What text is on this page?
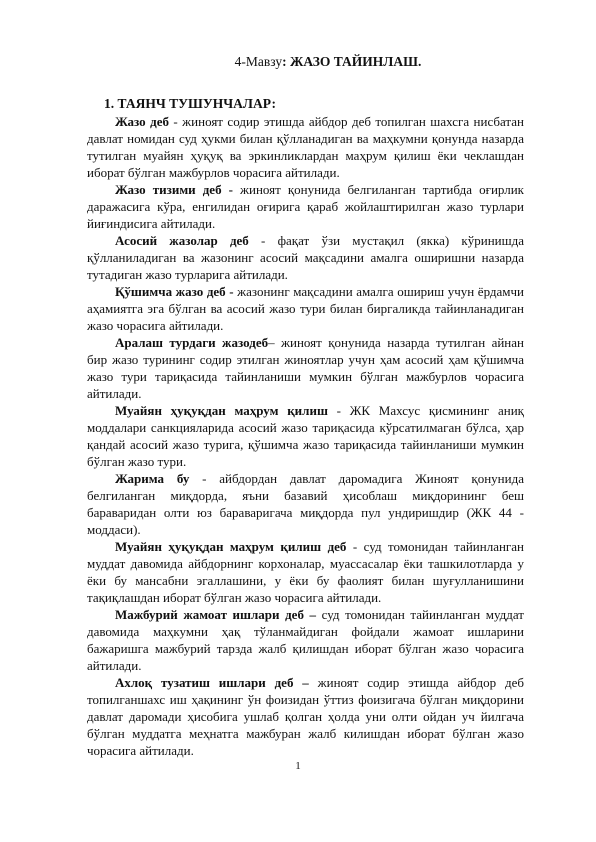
4-Мавзу: ЖАЗО ТАЙИНЛАШ.
1. ТАЯНЧ ТУШУНЧАЛАР:

Жазо деб - жиноят содир этишда айбдор деб топилган шахсга нисбатан давлат номидан суд ҳукми билан қўлланадиган ва маҳкумни қонунда назарда тутилган муайян ҳуқуқ ва эркинликлардан маҳрум қилиш ёки чеклашдан иборат бўлган мажбурлов чорасига айтилади.

Жазо тизими деб - жиноят қонунида белгиланган тартибда оғирлик даражасига кўра, енгилидан оғирига қараб жойлаштирилган жазо турлари йиғиндисига айтилади.

Асосий жазолар деб - фақат ўзи мустақил (якка) кўринишда қўлланиладиган ва жазонинг асосий мақсадини амалга оширишни назарда тутадиган жазо турларига айтилади.

Қўшимча жазо деб - жазонинг мақсадини амалга ошириш учун ёрдамчи аҳамиятга эга бўлган ва асосий жазо тури билан биргаликда тайинланадиган жазо чорасига айтилади.

Аралаш турдаги жазодеб– жиноят қонунида назарда тутилган айнан бир жазо турининг содир этилган жиноятлар учун ҳам асосий ҳам қўшимча жазо тури тариқасида тайинланиши мумкин бўлган мажбурлов чорасига айтилади.

Муайян ҳуқуқдан маҳрум қилиш - ЖК Махсус қисмининг аниқ моддалари санкцияларида асосий жазо тариқасида кўрсатилмаган бўлса, ҳар қандай асосий жазо турига, қўшимча жазо тариқасида тайинланиши мумкин бўлган жазо тури.

Жарима бу - айбдордан давлат даромадига Жиноят қонунида белгиланган миқдорда, яъни базавий ҳисоблаш миқдорининг беш бараваридан олти юз бараваригача миқдорда пул ундиришдир (ЖК 44 - моддаси).

Муайян ҳуқуқдан маҳрум қилиш деб - суд томонидан тайинланган муддат давомида айбдорнинг корхоналар, муассасалар ёки ташкилотларда у ёки бу мансабни эгаллашини, у ёки бу фаолият билан шуғулланишини тақиқлашдан иборат бўлган жазо чорасига айтилади.

Мажбурий жамоат ишлари деб – суд томонидан тайинланган муддат давомида маҳкумни ҳақ тўланмайдиган фойдали жамоат ишларини бажаришга мажбурий тарзда жалб қилишдан иборат бўлган жазо чорасига айтилади.

Ахлоқ тузатиш ишлари деб – жиноят содир этишда айбдор деб топилганшахс иш ҳақининг ўн фоизидан ўттиз фоизигача бўлган миқдорини давлат даромади ҳисобига ушлаб қолган ҳолда уни олти ойдан уч йилгача бўлган муддатга меҳнатга мажбуран жалб килишдан иборат бўлган жазо чорасига айтилади.

1
